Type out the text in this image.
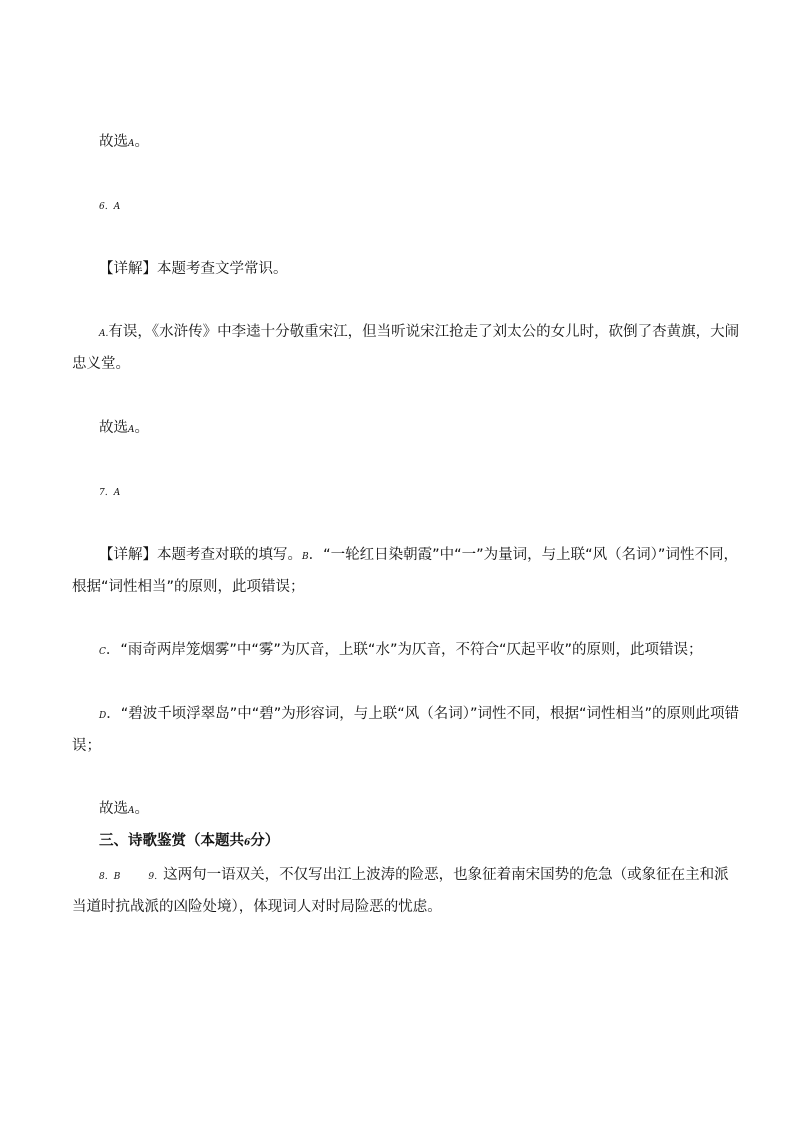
故选A。
6．A
【详解】本题考查文学常识。
A.有误，《水浒传》中李逵十分敬重宋江，但当听说宋江抢走了刘太公的女儿时，砍倒了杏黄旗，大闹
忠义堂。
故选A。
7．A
【详解】本题考查对联的填写。B．“一轮红日染朝霞”中“一”为量词，与上联“风（名词）”词性不同，
根据“词性相当”的原则，此项错误；
C．“雨奇两岸笼烟雾”中“雾”为仄音，上联“水”为仄音，不符合“仄起平收”的原则，此项错误；
D．“碧波千顷浮翠岛”中“碧”为形容词，与上联“风（名词）”词性不同，根据“词性相当”的原则此项错
误；
故选A。
三、诗歌鉴赏（本题共6分）
8．B	9．这两句一语双关，不仅写出江上波涛的险恶，也象征着南宋国势的危急（或象征在主和派
当道时抗战派的凶险处境），体现词人对时局险恶的忧虑。
